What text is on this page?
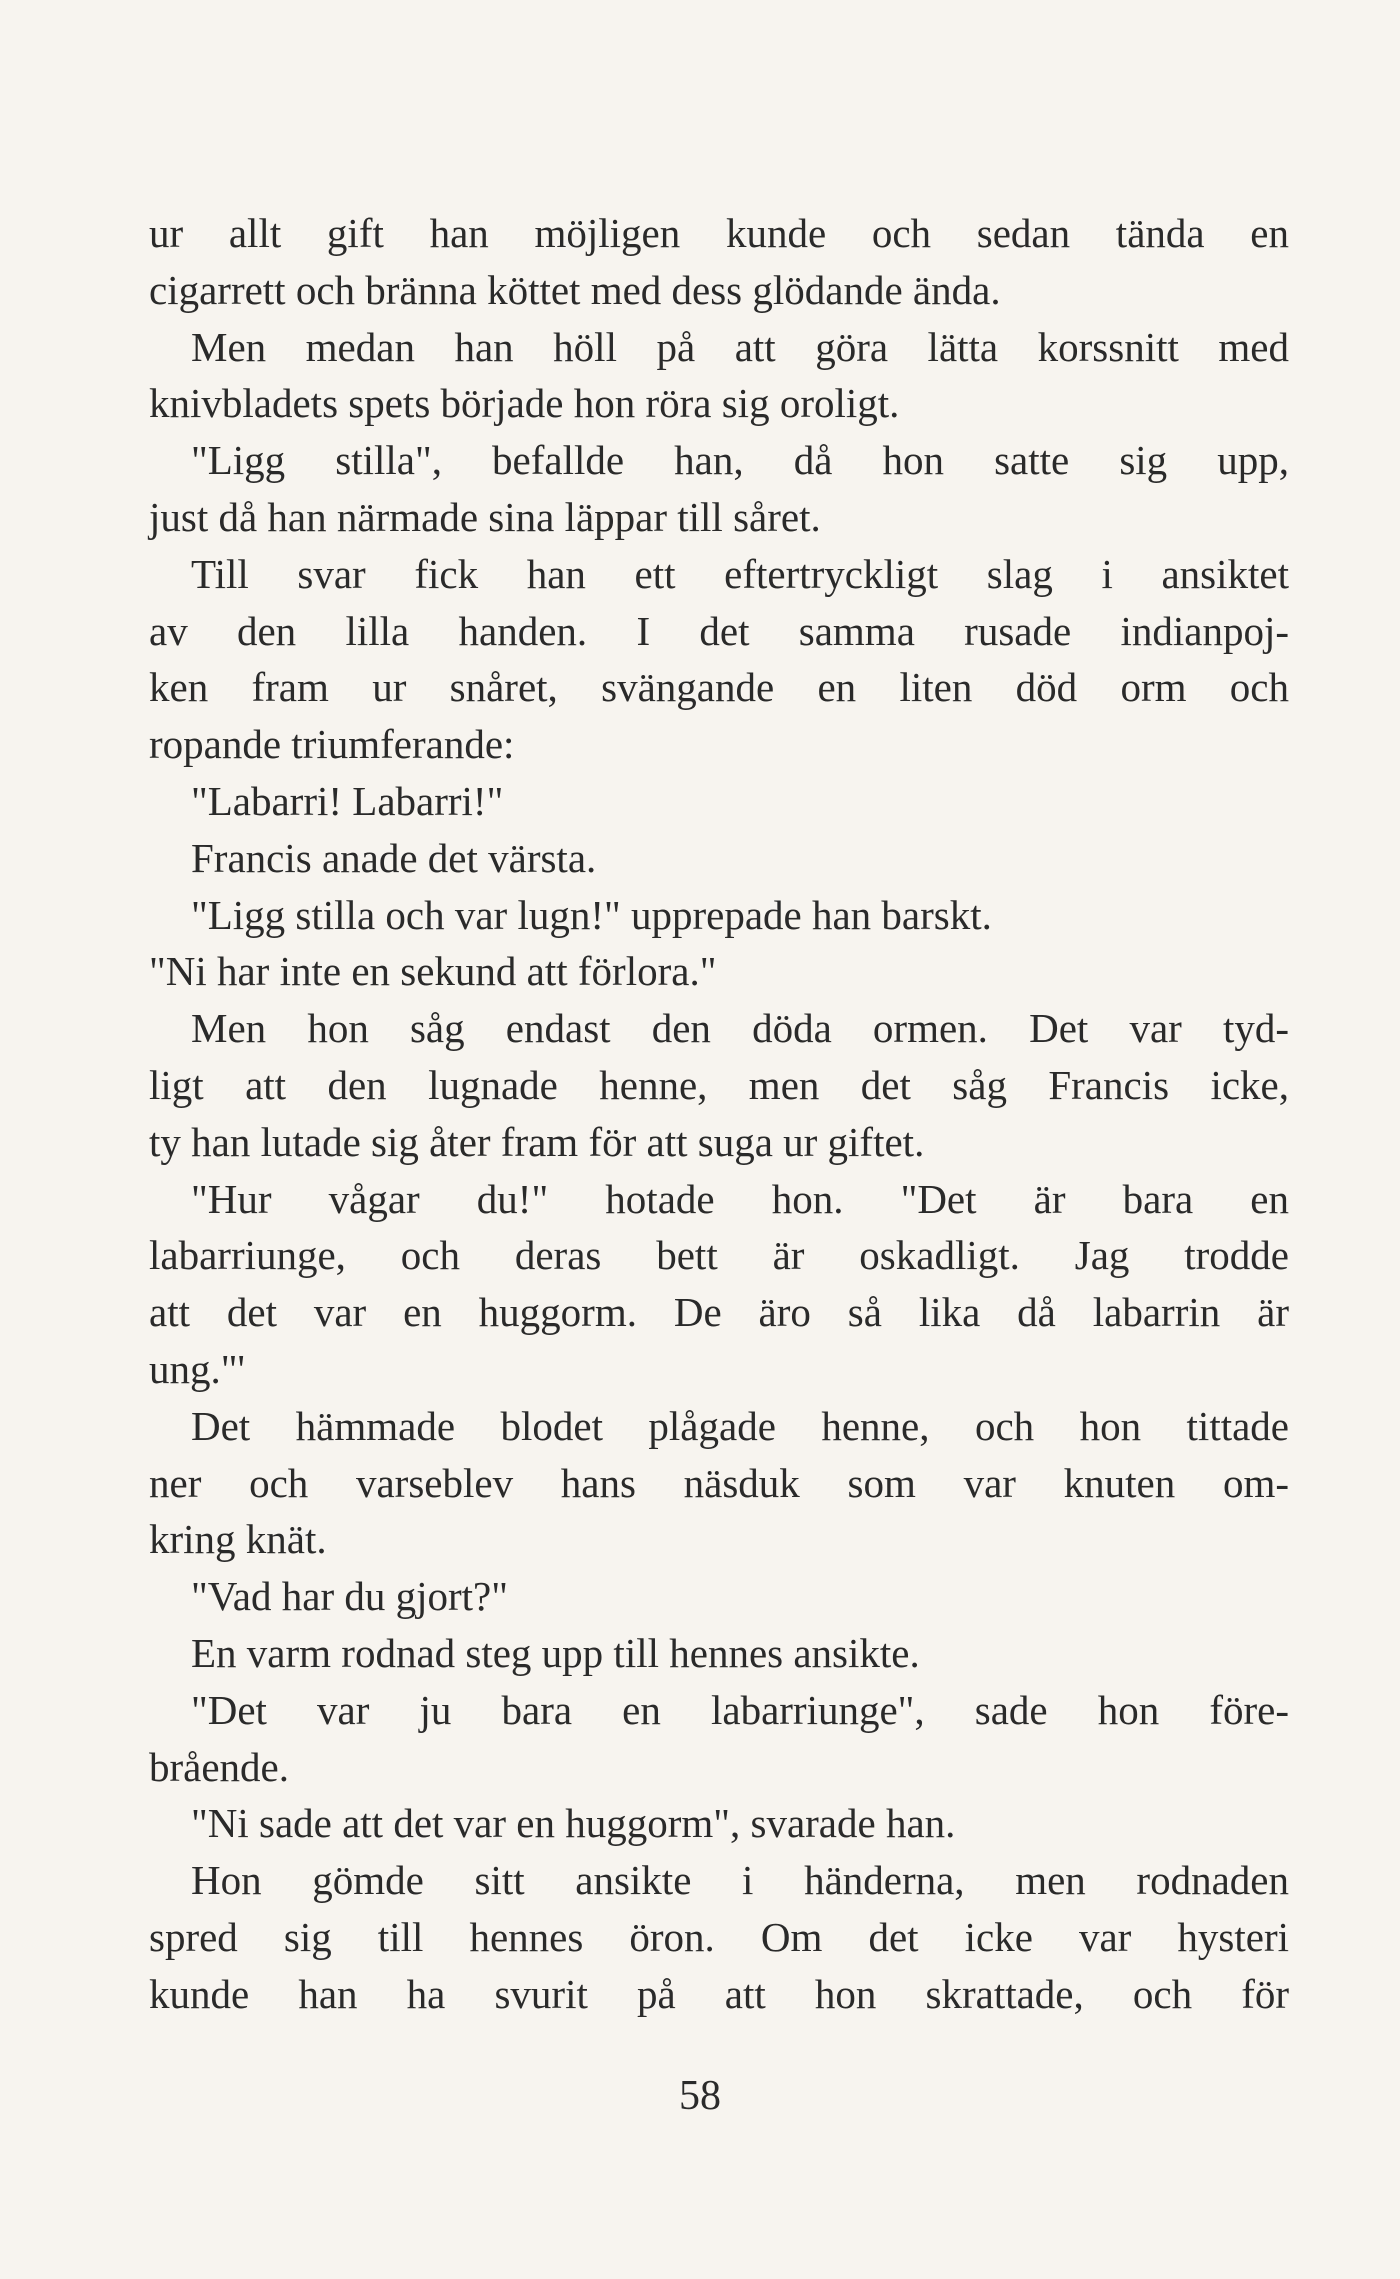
ur allt gift han möjligen kunde och sedan tända en
cigarrett och bränna köttet med dess glödande ända.
Men medan han höll på att göra lätta korssnitt med
knivbladets spets började hon röra sig oroligt.
"Ligg stilla", befallde han, då hon satte sig upp,
just då han närmade sina läppar till såret.
Till svar fick han ett eftertryckligt slag i ansiktet
av den lilla handen. I det samma rusade indianpoj-
ken fram ur snåret, svängande en liten död orm och
ropande triumferande:
"Labarri! Labarri!"
Francis anade det värsta.
"Ligg stilla och var lugn!" upprepade han barskt.
"Ni har inte en sekund att förlora."
Men hon såg endast den döda ormen. Det var tyd-
ligt att den lugnade henne, men det såg Francis icke,
ty han lutade sig åter fram för att suga ur giftet.
"Hur vågar du!" hotade hon. "Det är bara en
labarriunge, och deras bett är oskadligt. Jag trodde
att det var en huggorm. De äro så lika då labarrin är
ung."'
Det hämmade blodet plågade henne, och hon tittade
ner och varseblev hans näsduk som var knuten om-
kring knät.
"Vad har du gjort?"
En varm rodnad steg upp till hennes ansikte.
"Det var ju bara en labarriunge", sade hon före-
brående.
"Ni sade att det var en huggorm", svarade han.
Hon gömde sitt ansikte i händerna, men rodnaden
spred sig till hennes öron. Om det icke var hysteri
kunde han ha svurit på att hon skrattade, och för
58
